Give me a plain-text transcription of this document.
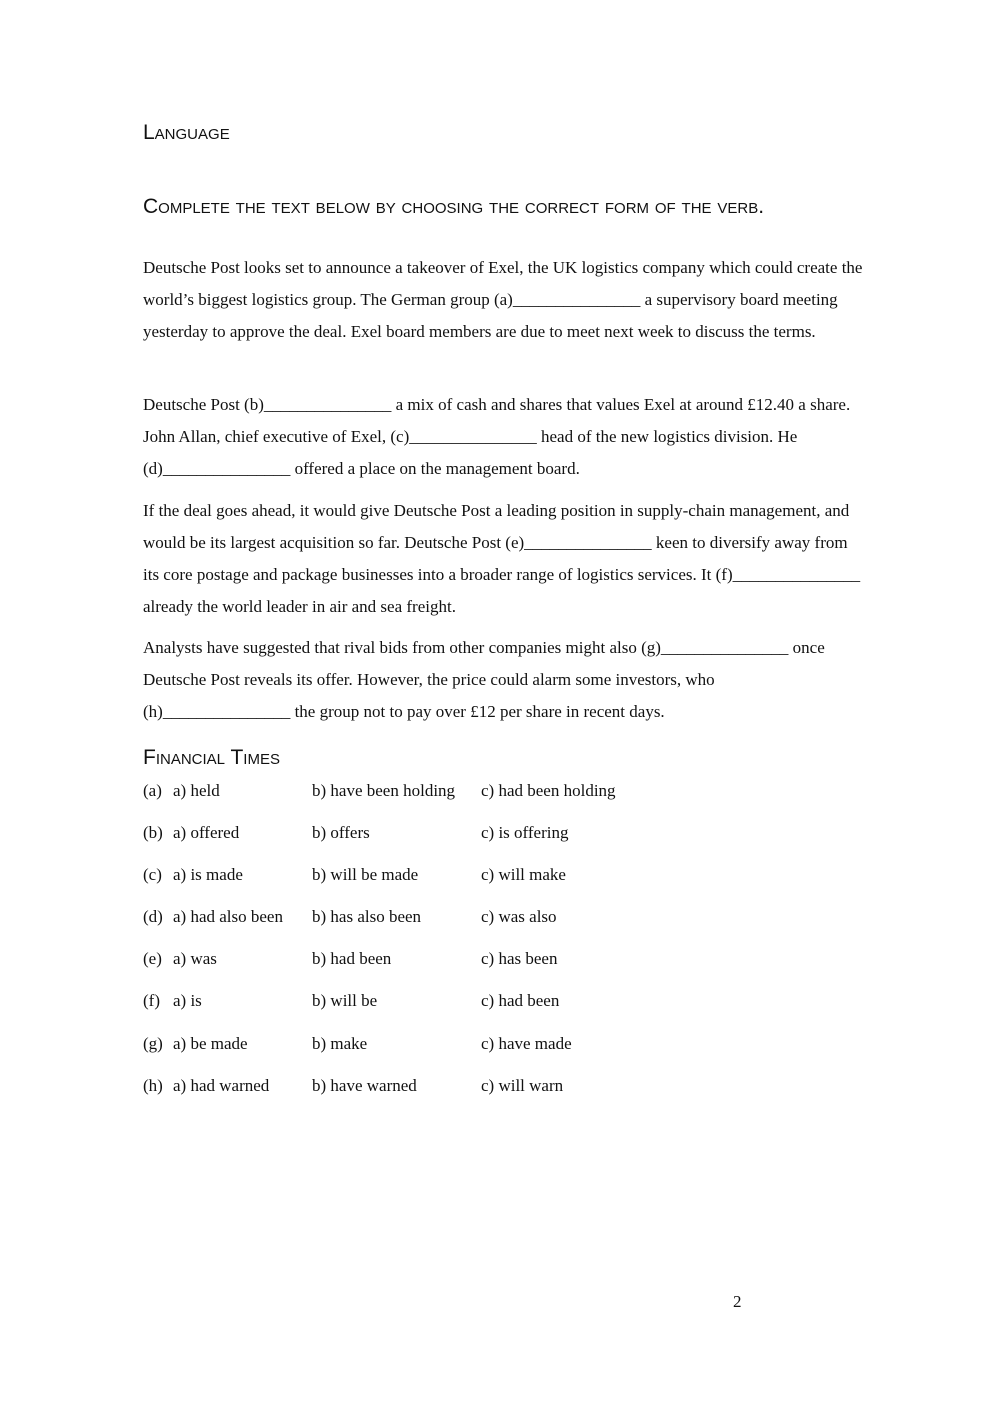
Language
Complete the text below by choosing the correct form of the verb.

Deutsche Post looks set to announce a takeover of Exel, the UK logistics company which could create the world’s biggest logistics group. The German group (a)_______________ a supervisory board meeting yesterday to approve the deal. Exel board members are due to meet next week to discuss the terms.

Deutsche Post (b)_______________ a mix of cash and shares that values Exel at around £12.40 a share. John Allan, chief executive of Exel, (c)_______________ head of the new logistics division. He (d)_______________ offered a place on the management board.

If the deal goes ahead, it would give Deutsche Post a leading position in supply-chain management, and would be its largest acquisition so far. Deutsche Post (e)_______________ keen to diversify away from its core postage and package businesses into a broader range of logistics services. It (f)_______________ already the world leader in air and sea freight.

Analysts have suggested that rival bids from other companies might also (g)_______________ once Deutsche Post reveals its offer. However, the price could alarm some investors, who (h)_______________ the group not to pay over £12 per share in recent days.

Financial Times
(a) a) held	b) have been holding	c) had been holding
(b) a) offered	b) offers	c) is offering
(c) a) is made	b) will be made	c) will make
(d) a) had also been	b) has also been	c) was also
(e) a) was	b) had been	c) has been
(f) a) is	b) will be	c) had been
(g) a) be made	b) make	c) have made
(h) a) had warned	b) have warned	c) will warn
2
